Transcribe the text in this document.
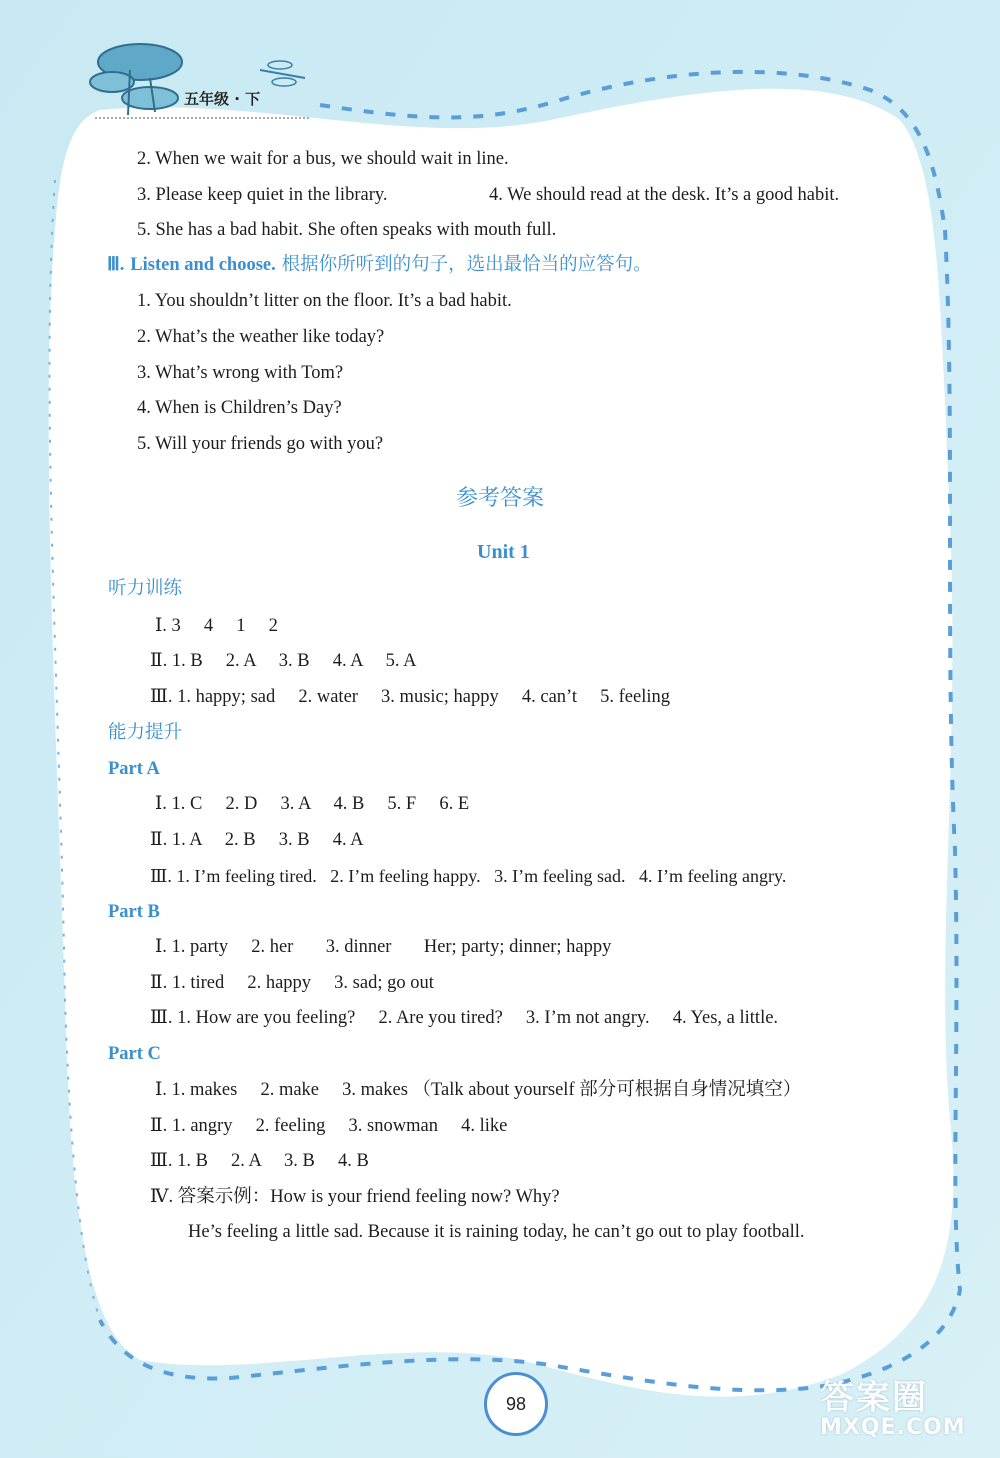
五年级 · 下
2. When we wait for a bus, we should wait in line.
3. Please keep quiet in the library.	4. We should read at the desk. It’s a good habit.
5. She has a bad habit. She often speaks with mouth full.
Ⅲ. Listen and choose. 根据你所听到的句子，选出最恰当的应答句。
1. You shouldn’t litter on the floor. It’s a bad habit.
2. What’s the weather like today?
3. What’s wrong with Tom?
4. When is Children’s Day?
5. Will your friends go with you?
参考答案
Unit 1
听力训练
Ⅰ. 3     4     1     2
Ⅱ. 1. B     2. A     3. B     4. A     5. A
Ⅲ. 1. happy; sad     2. water     3. music; happy     4. can’t     5. feeling
能力提升
Part A
Ⅰ. 1. C     2. D     3. A     4. B     5. F     6. E
Ⅱ. 1. A     2. B     3. B     4. A
Ⅲ. 1. I’m feeling tired.   2. I’m feeling happy.   3. I’m feeling sad.   4. I’m feeling angry.
Part B
Ⅰ. 1. party     2. her       3. dinner       Her; party; dinner; happy
Ⅱ. 1. tired     2. happy     3. sad; go out
Ⅲ. 1. How are you feeling?     2. Are you tired?     3. I’m not angry.     4. Yes, a little.
Part C
Ⅰ. 1. makes     2. make     3. makes （Talk about yourself 部分可根据自身情况填空）
Ⅱ. 1. angry     2. feeling     3. snowman     4. like
Ⅲ. 1. B     2. A     3. B     4. B
Ⅳ. 答案示例：How is your friend feeling now? Why?
He’s feeling a little sad. Because it is raining today, he can’t go out to play football.
98	答案圈
MXQE.COM
